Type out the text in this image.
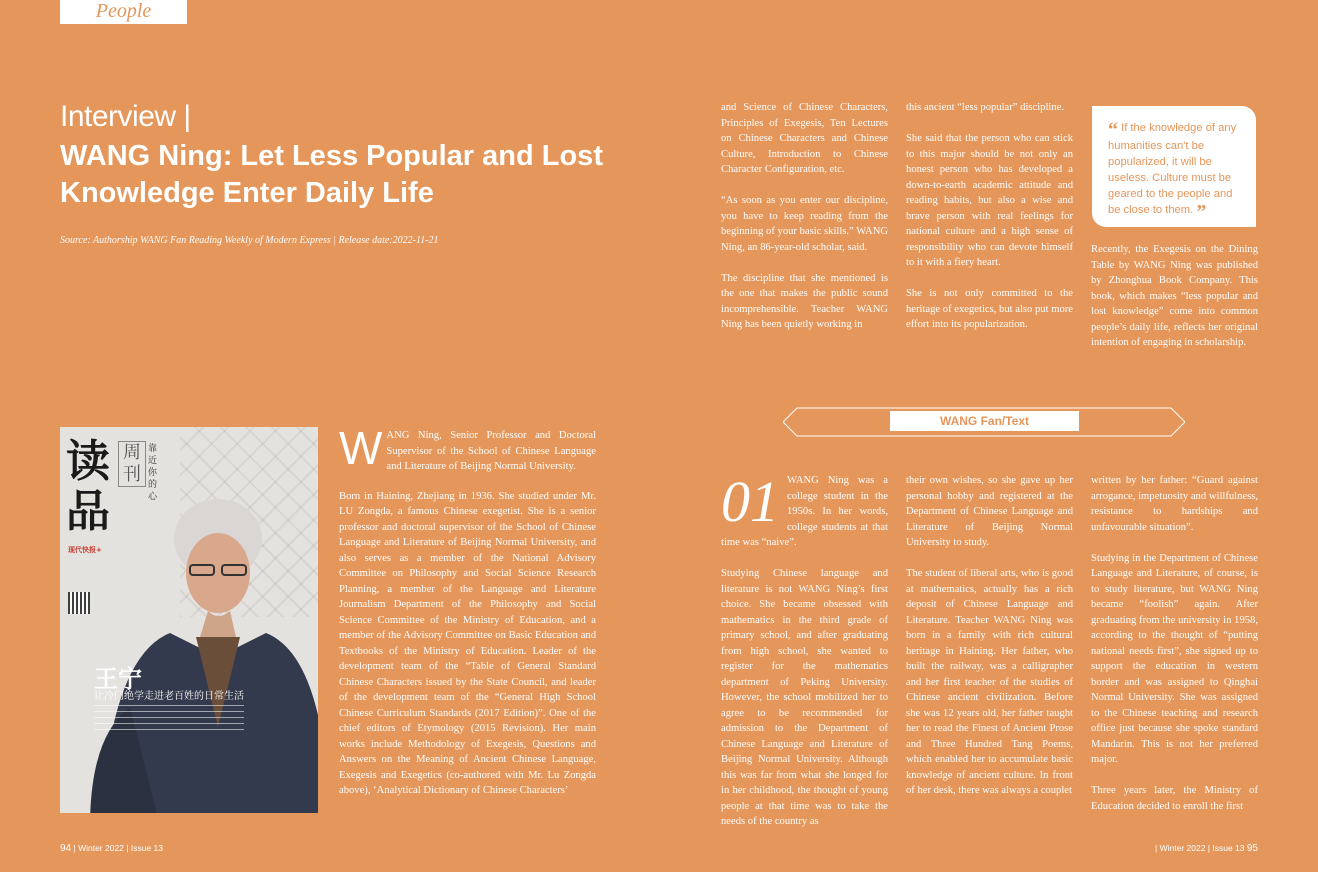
People
Interview |
WANG Ning: Let Less Popular and Lost Knowledge Enter Daily Life
Source: Authorship WANG Fan Reading Weekly of Modern Express | Release date:2022-11-21

and Science of Chinese Characters, Principles of Exegesis, Ten Lectures on Chinese Characters and Chinese Culture, Introduction to Chinese Character Configuration, etc.

“As soon as you enter our discipline, you have to keep reading from the beginning of your basic skills.” WANG Ning, an 86-year-old scholar, said.

The discipline that she mentioned is the one that makes the public sound incomprehensible. Teacher WANG Ning has been quietly working in

this ancient “less popular” discipline.

She said that the person who can stick to this major should be not only an honest person who has developed a down-to-earth academic attitude and reading habits, but also a wise and brave person with real feelings for national culture and a high sense of responsibility who can devote himself to it with a fiery heart.

She is not only committed to the heritage of exegetics, but also put more effort into its popularization.

“ If the knowledge of any humanities can't be popularized, it will be useless. Culture must be geared to the people and be close to them. ”

Recently, the Exegesis on the Dining Table by WANG Ning was published by Zhonghua Book Company. This book, which makes “less popular and lost knowledge” come into common people’s daily life, reflects her original intention of engaging in scholarship.

读品
周刊
靠近你的心
现代快报+
王宁
让冷门绝学走进老百姓的日常生活

WANG Ning, Senior Professor and Doctoral Supervisor of the School of Chinese Language and Literature of Beijing Normal University.

Born in Haining, Zhejiang in 1936. She studied under Mr. LU Zongda, a famous Chinese exegetist. She is a senior professor and doctoral supervisor of the School of Chinese Language and Literature of Beijing Normal University, and also serves as a member of the National Advisory Committee on Philosophy and Social Science Research Planning, a member of the Language and Literature Journalism Department of the Philosophy and Social Science Committee of the Ministry of Education, and a member of the Advisory Committee on Basic Education and Textbooks of the Ministry of Education. Leader of the development team of the “Table of General Standard Chinese Characters issued by the State Council, and leader of the development team of the “General High School Chinese Curriculum Standards (2017 Edition)”. One of the chief editors of Etymology (2015 Revision). Her main works include Methodology of Exegesis, Questions and Answers on the Meaning of Ancient Chinese Language, Exegesis and Exegetics (co-authored with Mr. Lu Zongda above), ‘Analytical Dictionary of Chinese Characters’

WANG Fan/Text

01 WANG Ning was a college student in the 1950s. In her words, college students at that time was “naive”.

Studying Chinese language and literature is not WANG Ning’s first choice. She became obsessed with mathematics in the third grade of primary school, and after graduating from high school, she wanted to register for the mathematics department of Peking University. However, the school mobilized her to agree to be recommended for admission to the Department of Chinese Language and Literature of Beijing Normal University. Although this was far from what she longed for in her childhood, the thought of young people at that time was to take the needs of the country as

their own wishes, so she gave up her personal hobby and registered at the Department of Chinese Language and Literature of Beijing Normal University to study.

The student of liberal arts, who is good at mathematics, actually has a rich deposit of Chinese Language and Literature. Teacher WANG Ning was born in a family with rich cultural heritage in Haining. Her father, who built the railway, was a calligrapher and her first teacher of the studies of Chinese ancient civilization. Before she was 12 years old, her father taught her to read the Finest of Ancient Prose and Three Hundred Tang Poems, which enabled her to accumulate basic knowledge of ancient culture. In front of her desk, there was always a couplet

written by her father: “Guard against arrogance, impetuosity and willfulness, resistance to hardships and unfavourable situation”.

Studying in the Department of Chinese Language and Literature, of course, is to study literature, but WANG Ning became “foolish” again. After graduating from the university in 1958, according to the thought of “putting national needs first”, she signed up to support the education in western border and was assigned to Qinghai Normal University. She was assigned to the Chinese teaching and research office just because she spoke standard Mandarin. This is not her preferred major.

Three years later, the Ministry of Education decided to enroll the first

94 | Winter 2022 | Issue 13	| Winter 2022 | Issue 13 95
